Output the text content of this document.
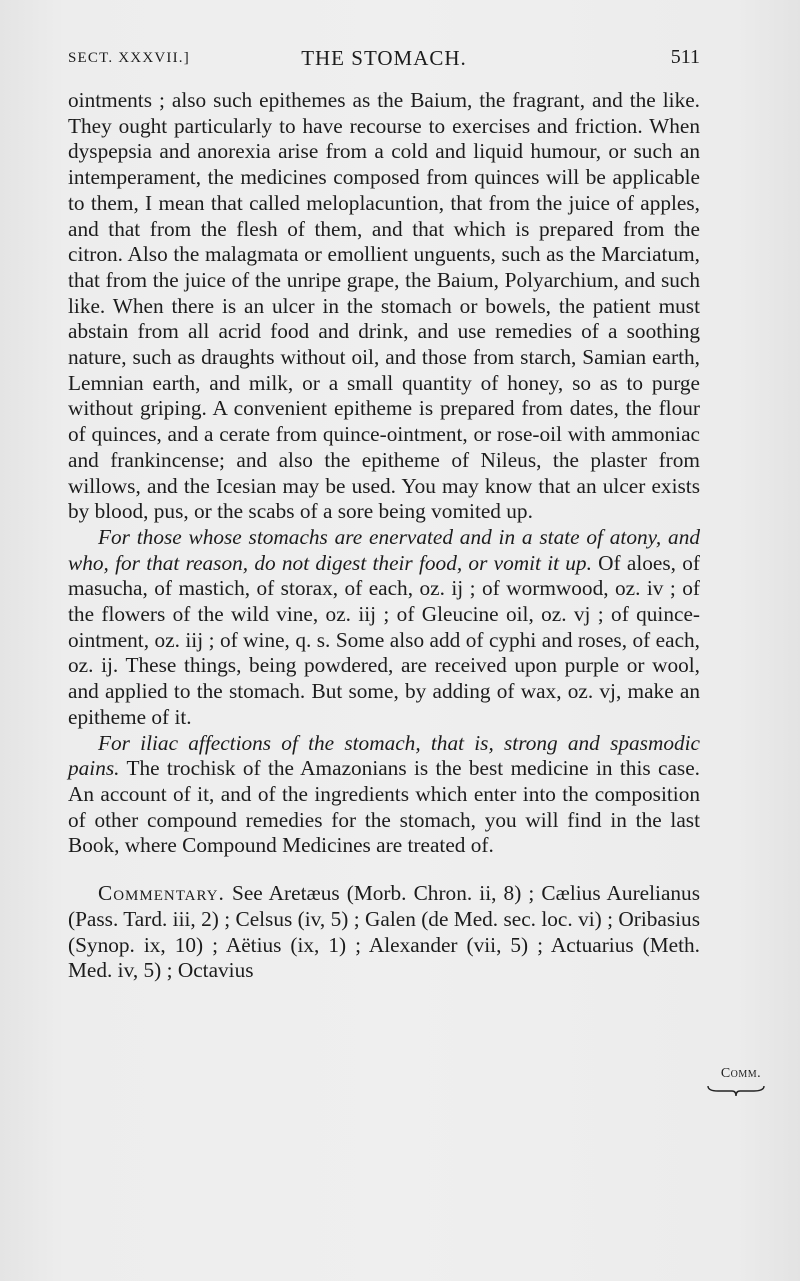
SECT. XXXVII.]	THE STOMACH.	511

ointments ; also such epithemes as the Baium, the fragrant, and the like. They ought particularly to have recourse to exercises and friction. When dyspepsia and anorexia arise from a cold and liquid humour, or such an intemperament, the medicines composed from quinces will be applicable to them, I mean that called meloplacuntion, that from the juice of apples, and that from the flesh of them, and that which is prepared from the citron. Also the malagmata or emollient unguents, such as the Marciatum, that from the juice of the unripe grape, the Baium, Polyarchium, and such like. When there is an ulcer in the stomach or bowels, the patient must abstain from all acrid food and drink, and use remedies of a soothing nature, such as draughts without oil, and those from starch, Samian earth, Lemnian earth, and milk, or a small quantity of honey, so as to purge without griping. A convenient epitheme is prepared from dates, the flour of quinces, and a cerate from quince-ointment, or rose-oil with ammoniac and frankincense; and also the epitheme of Nileus, the plaster from willows, and the Icesian may be used. You may know that an ulcer exists by blood, pus, or the scabs of a sore being vomited up.

For those whose stomachs are enervated and in a state of atony, and who, for that reason, do not digest their food, or vomit it up. Of aloes, of masucha, of mastich, of storax, of each, oz. ij ; of wormwood, oz. iv ; of the flowers of the wild vine, oz. iij ; of Gleucine oil, oz. vj ; of quince-ointment, oz. iij ; of wine, q. s. Some also add of cyphi and roses, of each, oz. ij. These things, being powdered, are received upon purple or wool, and applied to the stomach. But some, by adding of wax, oz. vj, make an epitheme of it.

For iliac affections of the stomach, that is, strong and spasmodic pains. The trochisk of the Amazonians is the best medicine in this case. An account of it, and of the ingredients which enter into the composition of other compound remedies for the stomach, you will find in the last Book, where Compound Medicines are treated of.

Commentary. See Aretæus (Morb. Chron. ii, 8) ; Cælius Aurelianus (Pass. Tard. iii, 2) ; Celsus (iv, 5) ; Galen (de Med. sec. loc. vi) ; Oribasius (Synop. ix, 10) ; Aëtius (ix, 1) ; Alexander (vii, 5) ; Actuarius (Meth. Med. iv, 5) ; Octavius

Comm.
